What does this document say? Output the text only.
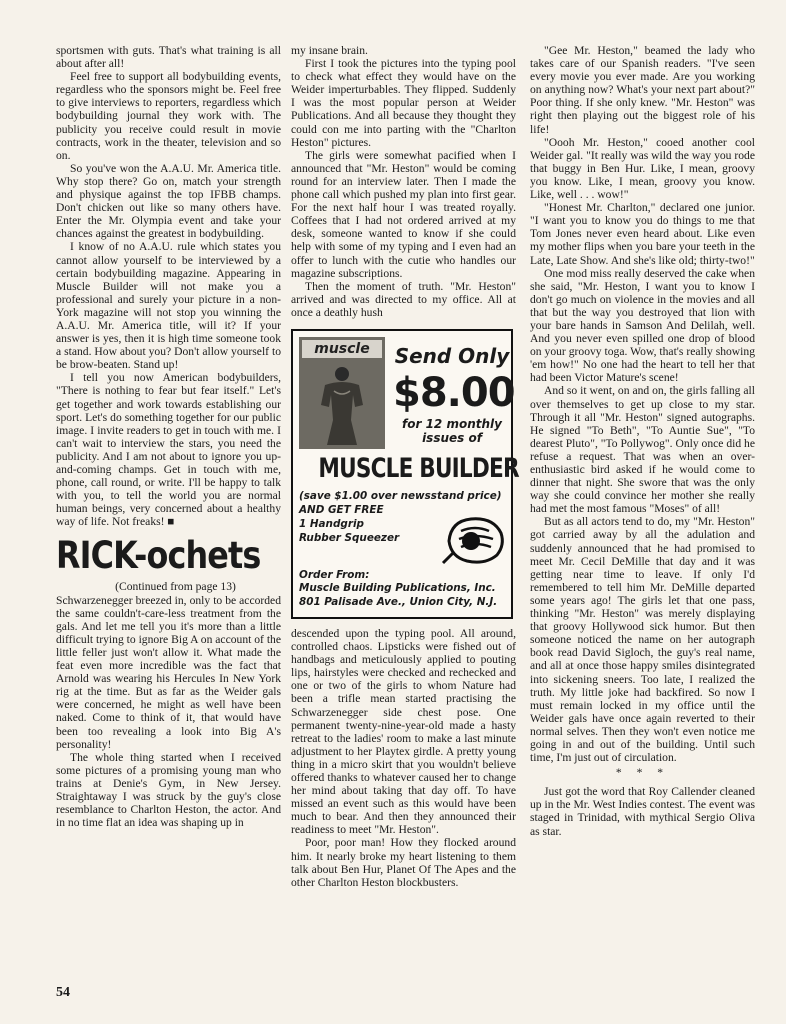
sportsmen with guts. That's what training is all about after all!

Feel free to support all bodybuilding events, regardless who the sponsors might be. Feel free to give interviews to reporters, regardless which bodybuilding journal they work with. The publicity you receive could result in movie contracts, work in the theater, television and so on.

So you've won the A.A.U. Mr. America title. Why stop there? Go on, match your strength and physique against the top IFBB champs. Don't chicken out like so many others have. Enter the Mr. Olympia event and take your chances against the greatest in bodybuilding.

I know of no A.A.U. rule which states you cannot allow yourself to be interviewed by a certain bodybuilding magazine. Appearing in Muscle Builder will not make you a professional and surely your picture in a non-York magazine will not stop you winning the A.A.U. Mr. America title, will it? If your answer is yes, then it is high time someone took a stand. How about you? Don't allow yourself to be brow-beaten. Stand up!

I tell you now American bodybuilders, "There is nothing to fear but fear itself." Let's get together and work towards establishing our sport. Let's do something together for our public image. I invite readers to get in touch with me. I can't wait to interview the stars, you need the publicity. And I am not about to ignore you up-and-coming champs. Get in touch with me, phone, call round, or write. I'll be happy to talk with you, to tell the world you are normal human beings, very concerned about a healthy way of life. Not freaks! ■

RICK-ochets

(Continued from page 13)

Schwarzenegger breezed in, only to be accorded the same couldn't-care-less treatment from the gals. And let me tell you it's more than a little difficult trying to ignore Big A on account of the little feller just won't allow it. What made the feat even more incredible was the fact that Arnold was wearing his Hercules In New York rig at the time. But as far as the Weider gals were concerned, he might as well have been naked. Come to think of it, that would have been too revealing a look into Big A's personality!

The whole thing started when I received some pictures of a promising young man who trains at Denie's Gym, in New Jersey. Straightaway I was struck by the guy's close resemblance to Charlton Heston, the actor. And in no time flat an idea was shaping up in

my insane brain.

First I took the pictures into the typing pool to check what effect they would have on the Weider imperturbables. They flipped. Suddenly I was the most popular person at Weider Publications. And all because they thought they could con me into parting with the "Charlton Heston" pictures.

The girls were somewhat pacified when I announced that "Mr. Heston" would be coming round for an interview later. Then I made the phone call which pushed my plan into first gear. For the next half hour I was treated royally. Coffees that I had not ordered arrived at my desk, someone wanted to know if she could help with some of my typing and I even had an offer to lunch with the cutie who handles our magazine subscriptions.

Then the moment of truth. "Mr. Heston" arrived and was directed to my office. All at once a deathly hush

muscle	Send Only
$8.00
for 12 monthly issues of
MUSCLE BUILDER
(save $1.00 over newsstand price)
AND GET FREE
1 Handgrip
Rubber Squeezer
Order From:
Muscle Building Publications, Inc.
801 Palisade Ave., Union City, N.J.

descended upon the typing pool. All around, controlled chaos. Lipsticks were fished out of handbags and meticulously applied to pouting lips, hairstyles were checked and rechecked and one or two of the girls to whom Nature had been a trifle mean started practising the Schwarzenegger side chest pose. One permanent twenty-nine-year-old made a hasty retreat to the ladies' room to make a last minute adjustment to her Playtex girdle. A pretty young thing in a micro skirt that you wouldn't believe offered thanks to whatever caused her to change her mind about taking that day off. To have missed an event such as this would have been much to bear. And then they announced their readiness to meet "Mr. Heston".

Poor, poor man! How they flocked around him. It nearly broke my heart listening to them talk about Ben Hur, Planet Of The Apes and the other Charlton Heston blockbusters.

"Gee Mr. Heston," beamed the lady who takes care of our Spanish readers. "I've seen every movie you ever made. Are you working on anything now? What's your next part about?" Poor thing. If she only knew. "Mr. Heston" was right then playing out the biggest role of his life!

"Oooh Mr. Heston," cooed another cool Weider gal. "It really was wild the way you rode that buggy in Ben Hur. Like, I mean, groovy you know. Like, I mean, groovy you know. Like, well . . . wow!"

"Honest Mr. Charlton," declared one junior. "I want you to know you do things to me that Tom Jones never even heard about. Like even my mother flips when you bare your teeth in the Late, Late Show. And she's like old; thirty-two!"

One mod miss really deserved the cake when she said, "Mr. Heston, I want you to know I don't go much on violence in the movies and all that but the way you destroyed that lion with your bare hands in Samson And Delilah, well. And you never even spilled one drop of blood on your groovy toga. Wow, that's really showing 'em how!" No one had the heart to tell her that had been Victor Mature's scene!

And so it went, on and on, the girls falling all over themselves to get up close to my star. Through it all "Mr. Heston" signed autographs. He signed "To Beth", "To Auntie Sue", "To dearest Pluto", "To Pollywog". Only once did he refuse a request. That was when an over-enthusiastic bird asked if he would come to dinner that night. She swore that was the only way she could convince her mother she really had met the most famous "Moses" of all!

But as all actors tend to do, my "Mr. Heston" got carried away by all the adulation and suddenly announced that he had promised to meet Mr. Cecil DeMille that day and it was getting near time to leave. If only I'd remembered to tell him Mr. DeMille departed some years ago! The girls let that one pass, thinking "Mr. Heston" was merely displaying that groovy Hollywood sick humor. But then someone noticed the name on her autograph book read David Sigloch, the guy's real name, and all at once those happy smiles disintegrated into sickening sneers. Too late, I realized the truth. My little joke had backfired. So now I must remain locked in my office until the Weider gals have once again reverted to their normal selves. Then they won't even notice me going in and out of the building. Until such time, I'm just out of circulation.

* * *

Just got the word that Roy Callender cleaned up in the Mr. West Indies contest. The event was staged in Trinidad, with mythical Sergio Oliva as star.

54
